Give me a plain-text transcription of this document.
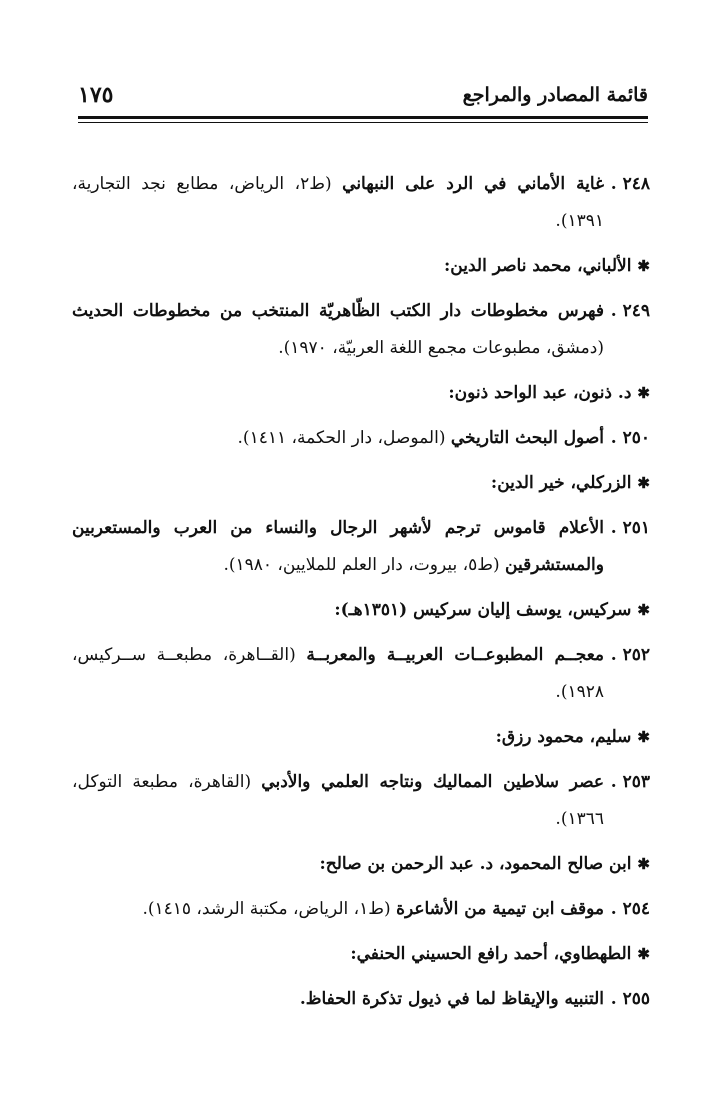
قائمة المصادر والمراجع
١٧٥
٢٤٨ .
غاية الأماني في الرد على النبهاني (ط٢، الرياض، مطابع نجد التجارية، ١٣٩١).
✱الألباني، محمد ناصر الدين:
٢٤٩ .
فهرس مخطوطات دار الكتب الظّاهريّة المنتخب من مخطوطات الحديث (دمشق، مطبوعات مجمع اللغة العربيّة، ١٩٧٠).
✱د. ذنون، عبد الواحد ذنون:
٢٥٠ .
أصول البحث التاريخي (الموصل، دار الحكمة، ١٤١١).
✱الزركلي، خير الدين:
٢٥١ .
الأعلام قاموس ترجم لأشهر الرجال والنساء من العرب والمستعربين والمستشرقين (ط٥، بيروت، دار العلم للملايين، ١٩٨٠).
✱سركيس، يوسف إليان سركيس (١٣٥١هـ):
٢٥٢ .
معجــم المطبوعــات العربيــة والمعربــة (القــاهرة، مطبعــة ســركيس، ١٩٢٨).
✱سليم، محمود رزق:
٢٥٣ .
عصر سلاطين المماليك ونتاجه العلمي والأدبي (القاهرة، مطبعة التوكل، ١٣٦٦).
✱ابن صالح المحمود، د. عبد الرحمن بن صالح:
٢٥٤ .
موقف ابن تيمية من الأشاعرة (ط١، الرياض، مكتبة الرشد، ١٤١٥).
✱الطهطاوي، أحمد رافع الحسيني الحنفي:
٢٥٥ .
التنبيه والإيقاظ لما في ذيول تذكرة الحفاظ.
